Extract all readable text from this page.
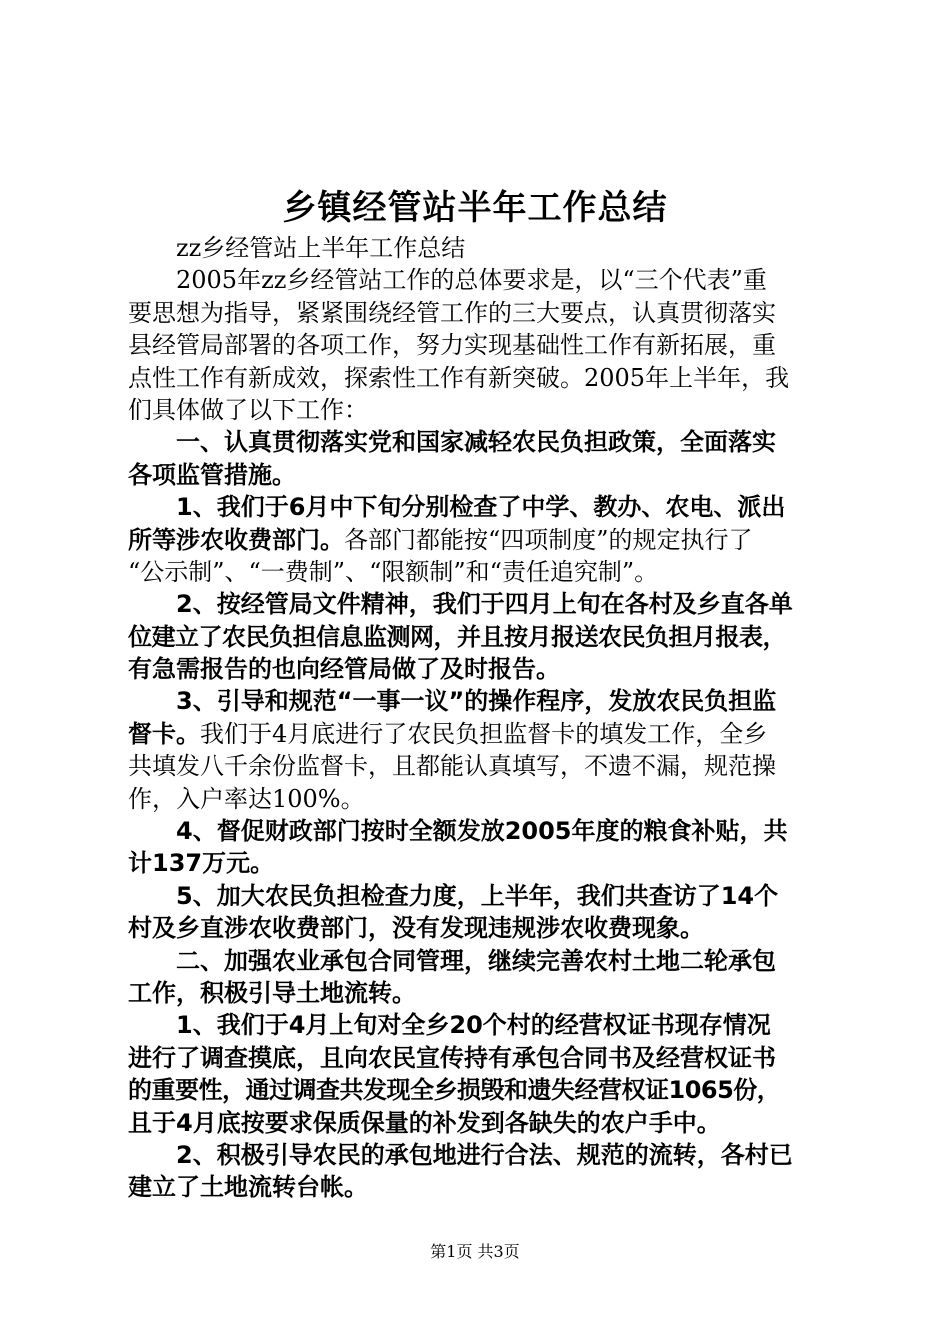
乡镇经管站半年工作总结
zz乡经管站上半年工作总结
2005年zz乡经管站工作的总体要求是，以“三个代表”重
要思想为指导，紧紧围绕经管工作的三大要点，认真贯彻落实
县经管局部署的各项工作，努力实现基础性工作有新拓展，重
点性工作有新成效，探索性工作有新突破。2005年上半年，我
们具体做了以下工作：
一、认真贯彻落实党和国家减轻农民负担政策，全面落实
各项监管措施。
1、我们于6月中下旬分别检查了中学、教办、农电、派出
所等涉农收费部门。各部门都能按“四项制度”的规定执行了
“公示制”、“一费制”、“限额制”和“责任追究制”。
2、按经管局文件精神，我们于四月上旬在各村及乡直各单
位建立了农民负担信息监测网，并且按月报送农民负担月报表，
有急需报告的也向经管局做了及时报告。
3、引导和规范“一事一议”的操作程序，发放农民负担监
督卡。我们于4月底进行了农民负担监督卡的填发工作，全乡
共填发八千余份监督卡，且都能认真填写，不遗不漏，规范操
作，入户率达100%。
4、督促财政部门按时全额发放2005年度的粮食补贴，共
计137万元。
5、加大农民负担检查力度，上半年，我们共查访了14个
村及乡直涉农收费部门，没有发现违规涉农收费现象。
二、加强农业承包合同管理，继续完善农村土地二轮承包
工作，积极引导土地流转。
1、我们于4月上旬对全乡20个村的经营权证书现存情况
进行了调查摸底，且向农民宣传持有承包合同书及经营权证书
的重要性，通过调查共发现全乡损毁和遗失经营权证1065份，
且于4月底按要求保质保量的补发到各缺失的农户手中。
2、积极引导农民的承包地进行合法、规范的流转，各村已
建立了土地流转台帐。
第1页 共3页
